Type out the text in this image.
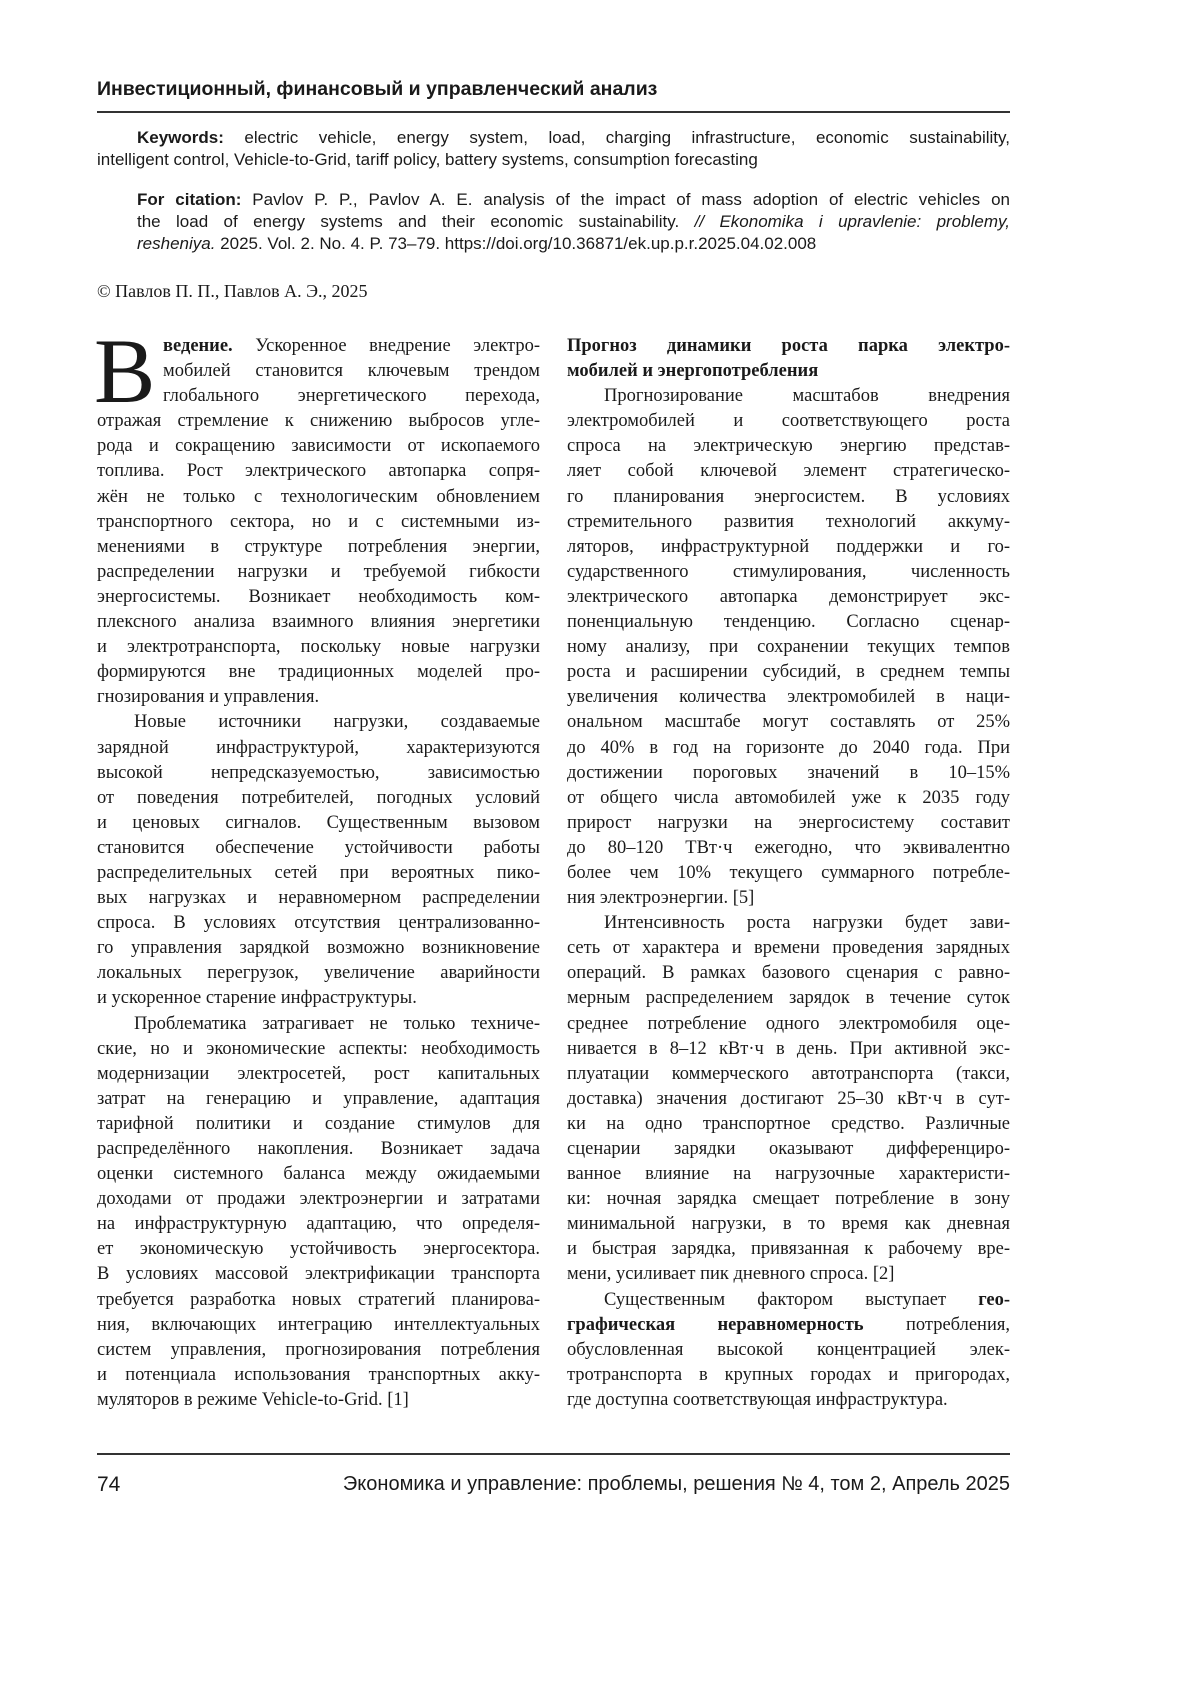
Инвестиционный, финансовый и управленческий анализ
Keywords: electric vehicle, energy system, load, charging infrastructure, economic sustainability,
intelligent control, Vehicle-to-Grid, tariff policy, battery systems, consumption forecasting
For citation: Pavlov P. P., Pavlov A. E. analysis of the impact of mass adoption of electric vehicles on
the load of energy systems and their economic sustainability. // Ekonomika i upravlenie: problemy,
resheniya. 2025. Vol. 2. No. 4. P. 73–79. https://doi.org/10.36871/ek.up.p.r.2025.04.02.008
© Павлов П. П., Павлов А. Э., 2025
В ведение. Ускоренное внедрение электро-
мобилей становится ключевым трендом
глобального энергетического перехода,
отражая стремление к снижению выбросов угле-
рода и сокращению зависимости от ископаемого
топлива. Рост электрического автопарка сопря-
жён не только с технологическим обновлением
транспортного сектора, но и с системными из-
менениями в структуре потребления энергии,
распределении нагрузки и требуемой гибкости
энергосистемы. Возникает необходимость ком-
плексного анализа взаимного влияния энергетики
и электротранспорта, поскольку новые нагрузки
формируются вне традиционных моделей про-
гнозирования и управления.
Новые источники нагрузки, создаваемые
зарядной инфраструктурой, характеризуются
высокой непредсказуемостью, зависимостью
от поведения потребителей, погодных условий
и ценовых сигналов. Существенным вызовом
становится обеспечение устойчивости работы
распределительных сетей при вероятных пико-
вых нагрузках и неравномерном распределении
спроса. В условиях отсутствия централизованно-
го управления зарядкой возможно возникновение
локальных перегрузок, увеличение аварийности
и ускоренное старение инфраструктуры.
Проблематика затрагивает не только техниче-
ские, но и экономические аспекты: необходимость
модернизации электросетей, рост капитальных
затрат на генерацию и управление, адаптация
тарифной политики и создание стимулов для
распределённого накопления. Возникает задача
оценки системного баланса между ожидаемыми
доходами от продажи электроэнергии и затратами
на инфраструктурную адаптацию, что определя-
ет экономическую устойчивость энергосектора.
В условиях массовой электрификации транспорта
требуется разработка новых стратегий планирова-
ния, включающих интеграцию интеллектуальных
систем управления, прогнозирования потребления
и потенциала использования транспортных акку-
муляторов в режиме Vehicle-to-Grid. [1]
Прогноз динамики роста парка электро-
мобилей и энергопотребления
Прогнозирование масштабов внедрения
электромобилей и соответствующего роста
спроса на электрическую энергию представ-
ляет собой ключевой элемент стратегическо-
го планирования энергосистем. В условиях
стремительного развития технологий аккуму-
ляторов, инфраструктурной поддержки и го-
сударственного стимулирования, численность
электрического автопарка демонстрирует экс-
поненциальную тенденцию. Согласно сценар-
ному анализу, при сохранении текущих темпов
роста и расширении субсидий, в среднем темпы
увеличения количества электромобилей в наци-
ональном масштабе могут составлять от 25%
до 40% в год на горизонте до 2040 года. При
достижении пороговых значений в 10–15%
от общего числа автомобилей уже к 2035 году
прирост нагрузки на энергосистему составит
до 80–120 ТВт·ч ежегодно, что эквивалентно
более чем 10% текущего суммарного потребле-
ния электроэнергии. [5]
Интенсивность роста нагрузки будет зави-
сеть от характера и времени проведения зарядных
операций. В рамках базового сценария с равно-
мерным распределением зарядок в течение суток
среднее потребление одного электромобиля оце-
нивается в 8–12 кВт·ч в день. При активной экс-
плуатации коммерческого автотранспорта (такси,
доставка) значения достигают 25–30 кВт·ч в сут-
ки на одно транспортное средство. Различные
сценарии зарядки оказывают дифференциро-
ванное влияние на нагрузочные характеристи-
ки: ночная зарядка смещает потребление в зону
минимальной нагрузки, в то время как дневная
и быстрая зарядка, привязанная к рабочему вре-
мени, усиливает пик дневного спроса. [2]
Существенным фактором выступает гео-
графическая неравномерность потребления,
обусловленная высокой концентрацией элек-
тротранспорта в крупных городах и пригородах,
где доступна соответствующая инфраструктура.
74	Экономика и управление: проблемы, решения № 4, том 2, Апрель 2025
